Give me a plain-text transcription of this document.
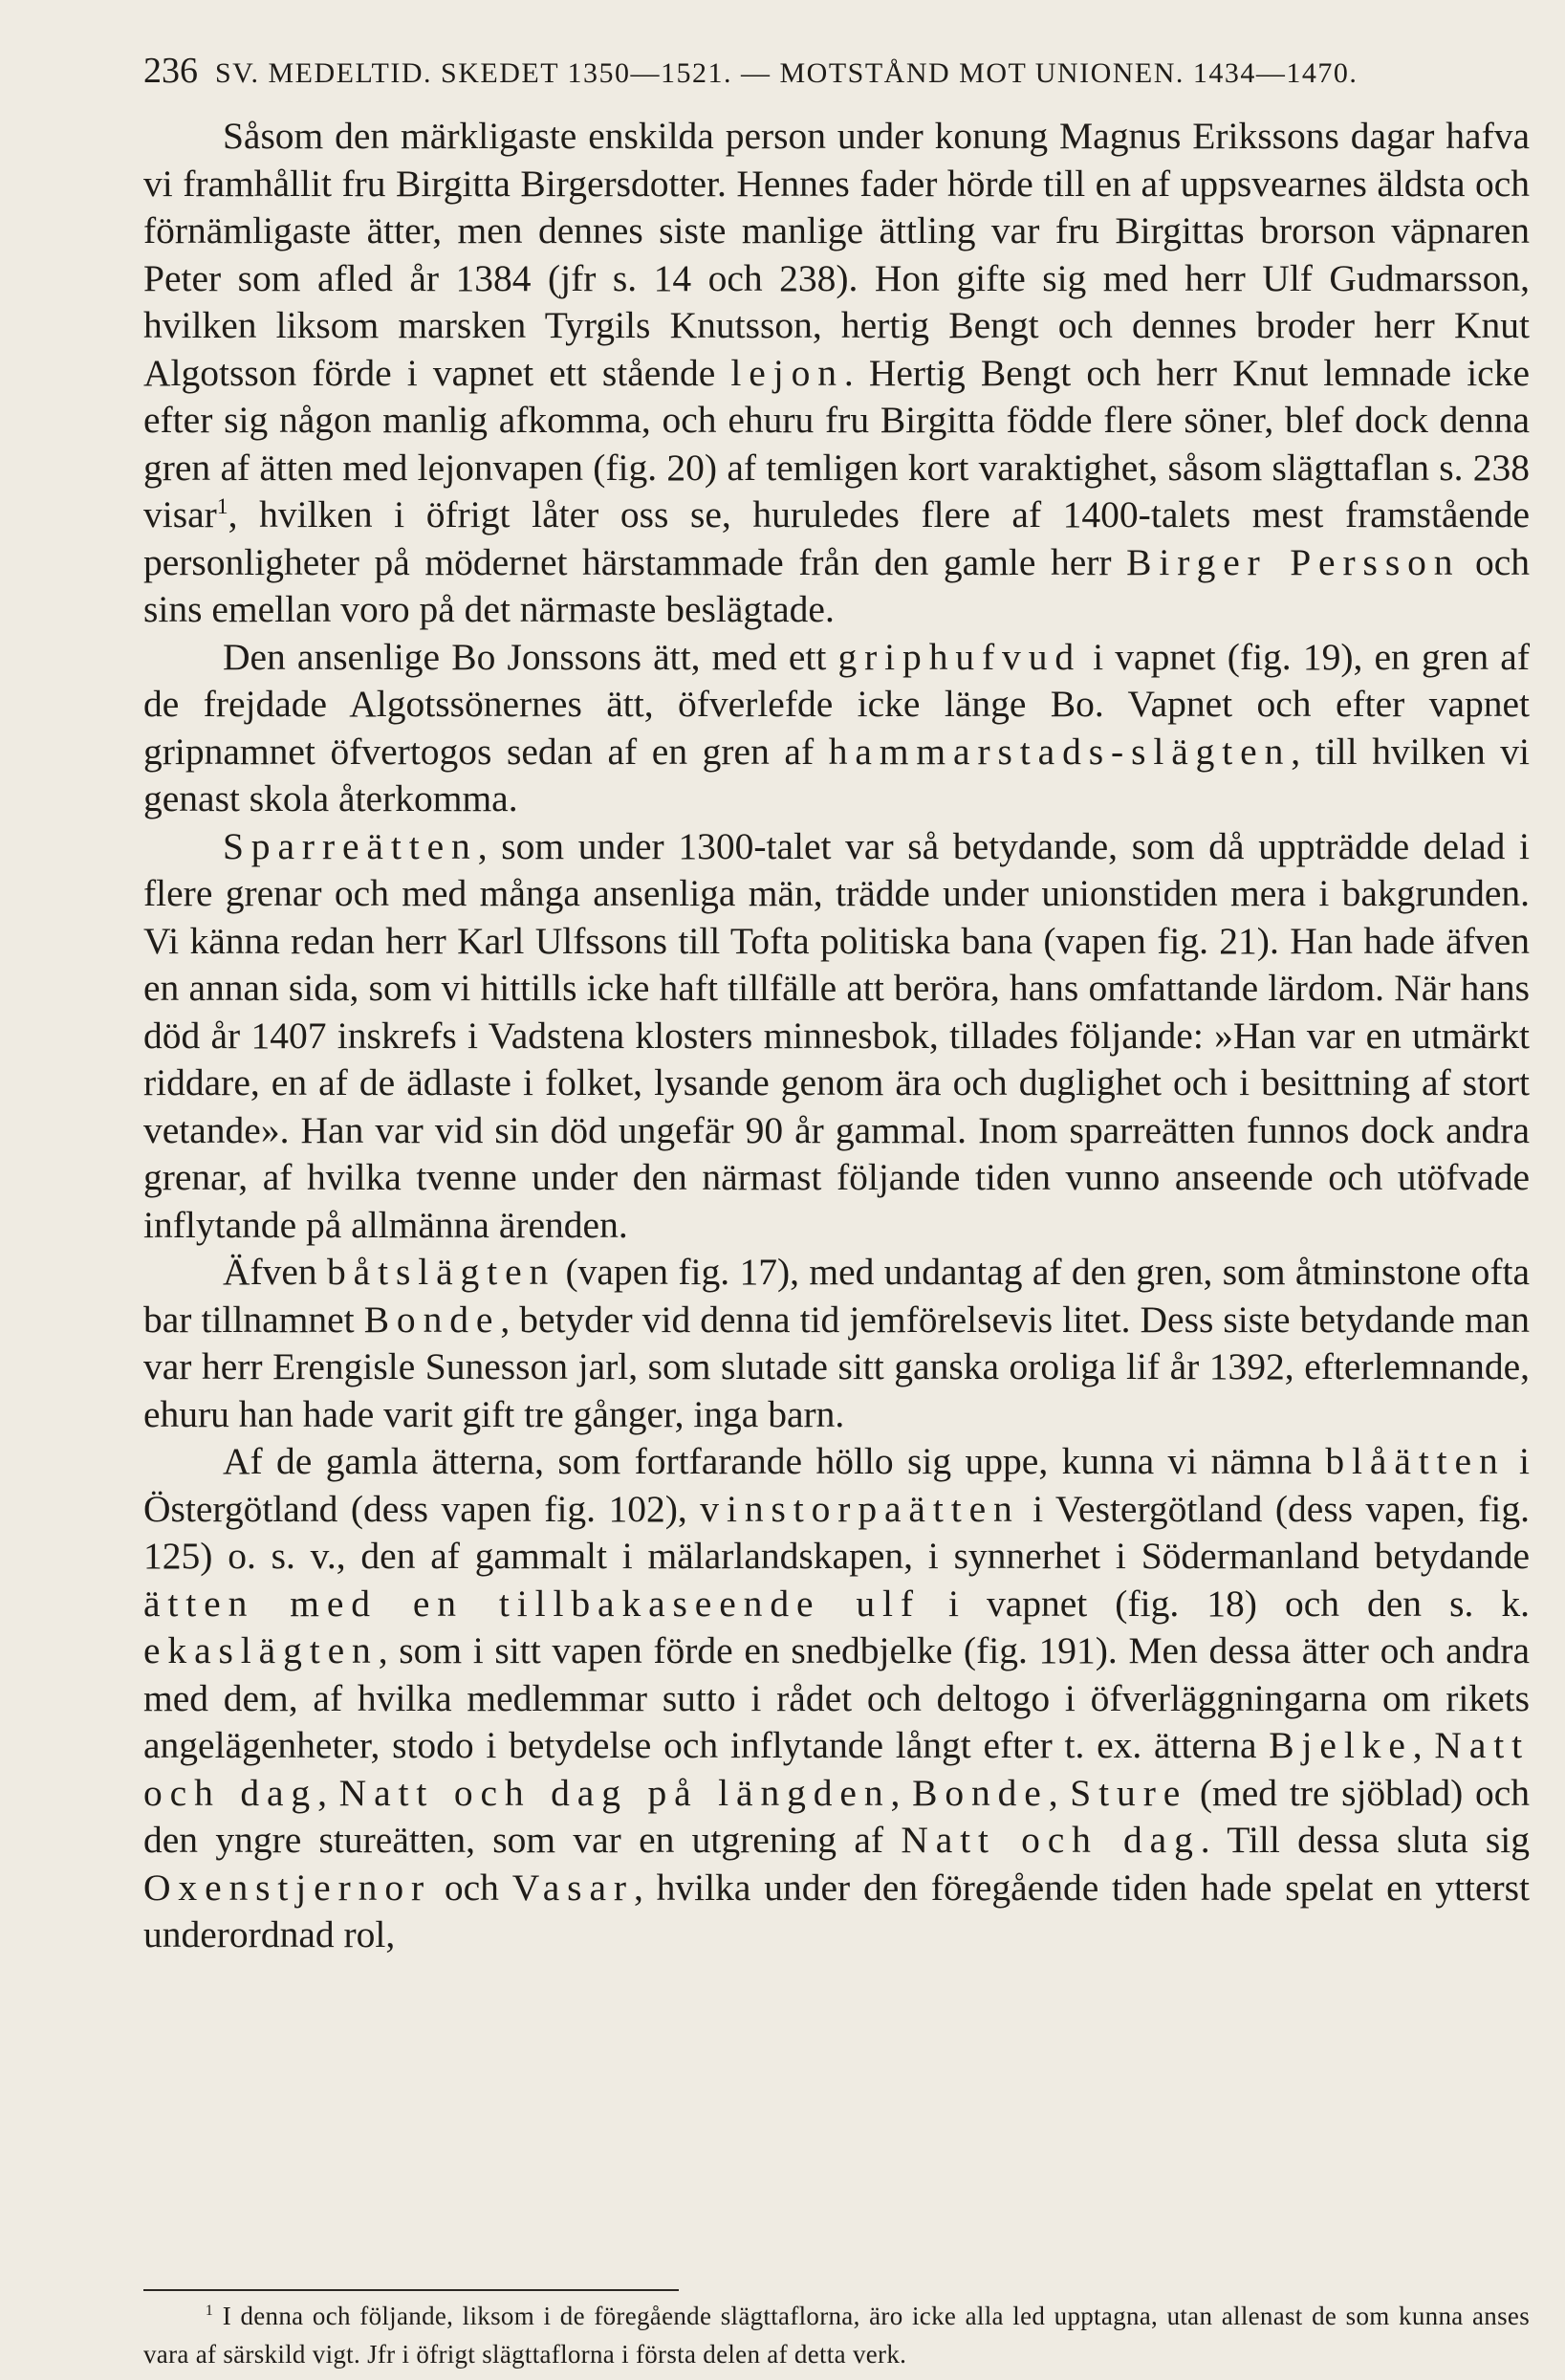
236 SV. MEDELTID. SKEDET 1350—1521. — MOTSTÅND MOT UNIONEN. 1434—1470.

Såsom den märkligaste enskilda person under konung Magnus Erikssons dagar hafva vi framhållit fru Birgitta Birgersdotter. Hennes fader hörde till en af uppsvearnes äldsta och förnämligaste ätter, men dennes siste manlige ättling var fru Birgittas brorson väpnaren Peter som afled år 1384 (jfr s. 14 och 238). Hon gifte sig med herr Ulf Gudmarsson, hvilken liksom marsken Tyrgils Knutsson, hertig Bengt och dennes broder herr Knut Algotsson förde i vapnet ett stående lejon. Hertig Bengt och herr Knut lemnade icke efter sig någon manlig afkomma, och ehuru fru Birgitta födde flere söner, blef dock denna gren af ätten med lejonvapen (fig. 20) af temligen kort varaktighet, såsom slägttaflan s. 238 visar$^1$, hvilken i öfrigt låter oss se, huruledes flere af 1400-talets mest framstående personligheter på mödernet härstammade från den gamle herr Birger Persson och sins emellan voro på det närmaste beslägtade.

Den ansenlige Bo Jonssons ätt, med ett griphufvud i vapnet (fig. 19), en gren af de frejdade Algotssönernes ätt, öfverlefde icke länge Bo. Vapnet och efter vapnet gripnamnet öfvertogos sedan af en gren af hammarstads-slägten, till hvilken vi genast skola återkomma.

Sparreätten, som under 1300-talet var så betydande, som då uppträdde delad i flere grenar och med många ansenliga män, trädde under unionstiden mera i bakgrunden. Vi känna redan herr Karl Ulfssons till Tofta politiska bana (vapen fig. 21). Han hade äfven en annan sida, som vi hittills icke haft tillfälle att beröra, hans omfattande lärdom. När hans död år 1407 inskrefs i Vadstena klosters minnesbok, tillades följande: »Han var en utmärkt riddare, en af de ädlaste i folket, lysande genom ära och duglighet och i besittning af stort vetande». Han var vid sin död ungefär 90 år gammal. Inom sparreätten funnos dock andra grenar, af hvilka tvenne under den närmast följande tiden vunno anseende och utöfvade inflytande på allmänna ärenden.

Äfven båtslägten (vapen fig. 17), med undantag af den gren, som åtminstone ofta bar tillnamnet Bonde, betyder vid denna tid jemförelsevis litet. Dess siste betydande man var herr Erengisle Sunesson jarl, som slutade sitt ganska oroliga lif år 1392, efterlemnande, ehuru han hade varit gift tre gånger, inga barn.

Af de gamla ätterna, som fortfarande höllo sig uppe, kunna vi nämna blåätten i Östergötland (dess vapen fig. 102), vinstorpaätten i Vestergötland (dess vapen, fig. 125) o. s. v., den af gammalt i mälarlandskapen, i synnerhet i Södermanland betydande ätten med en tillbakaseende ulf i vapnet (fig. 18) och den s. k. ekaslägten, som i sitt vapen förde en snedbjelke (fig. 191). Men dessa ätter och andra med dem, af hvilka medlemmar sutto i rådet och deltogo i öfverläggningarna om rikets angelägenheter, stodo i betydelse och inflytande långt efter t. ex. ätterna Bjelke, Natt och dag, Natt och dag på längden, Bonde, Sture (med tre sjöblad) och den yngre stureätten, som var en utgrening af Natt och dag. Till dessa sluta sig Oxenstjernor och Vasar, hvilka under den föregående tiden hade spelat en ytterst underordnad rol,

$^1$ I denna och följande, liksom i de föregående slägttaflorna, äro icke alla led upptagna, utan allenast de som kunna anses vara af särskild vigt. Jfr i öfrigt slägttaflorna i första delen af detta verk.
